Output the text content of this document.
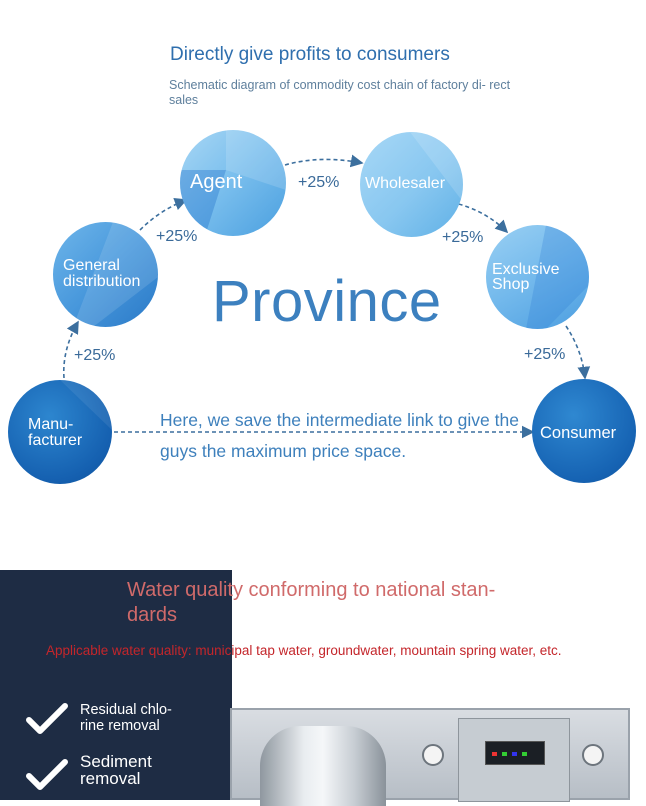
Directly give profits to consumers
Schematic diagram of commodity cost chain of factory di- rect sales
Manu- facturer
General distribution
Agent	Wholesaler
Exclusive Shop
Consumer
+25%
+25%
+25%
+25%
+25%
Province
Here, we save the intermediate link to give the guys the maximum price space.
Water quality conforming to national stan- dards
Applicable water quality: municipal tap water, groundwater, mountain spring water, etc.
Residual chlo- rine removal
Sediment removal
